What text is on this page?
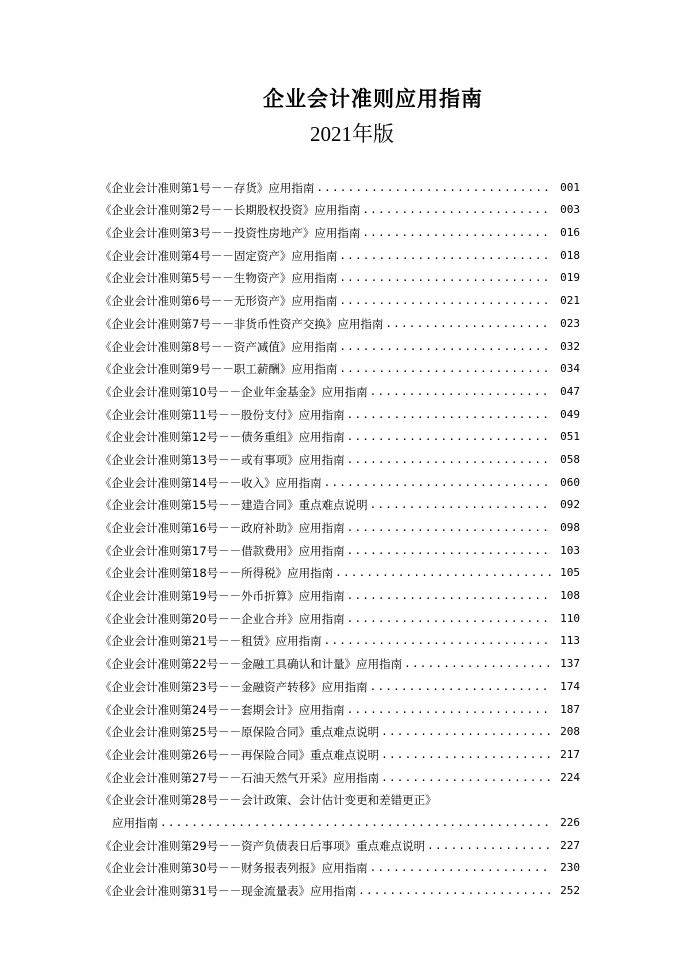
企业会计准则应用指南
2021年版
《企业会计准则第1号－－存货》应用指南 .....	001
《企业会计准则第2号－－长期股权投资》应用指南 .....	003
《企业会计准则第3号－－投资性房地产》应用指南 .....	016
《企业会计准则第4号－－固定资产》应用指南 .....	018
《企业会计准则第5号－－生物资产》应用指南 .....	019
《企业会计准则第6号－－无形资产》应用指南 .....	021
《企业会计准则第7号－－非货币性资产交换》应用指南 .....	023
《企业会计准则第8号－－资产减值》应用指南 .....	032
《企业会计准则第9号－－职工薪酬》应用指南 .....	034
《企业会计准则第10号－－企业年金基金》应用指南 .....	047
《企业会计准则第11号－－股份支付》应用指南 .....	049
《企业会计准则第12号－－债务重组》应用指南 .....	051
《企业会计准则第13号－－或有事项》应用指南 .....	058
《企业会计准则第14号－－收入》应用指南 .....	060
《企业会计准则第15号－－建造合同》重点难点说明 .....	092
《企业会计准则第16号－－政府补助》应用指南 .....	098
《企业会计准则第17号－－借款费用》应用指南 .....	103
《企业会计准则第18号－－所得税》应用指南 .....	105
《企业会计准则第19号－－外币折算》应用指南 .....	108
《企业会计准则第20号－－企业合并》应用指南 .....	110
《企业会计准则第21号－－租赁》应用指南 .....	113
《企业会计准则第22号－－金融工具确认和计量》应用指南 .....	137
《企业会计准则第23号－－金融资产转移》应用指南 .....	174
《企业会计准则第24号－－套期会计》应用指南 .....	187
《企业会计准则第25号－－原保险合同》重点难点说明 .....	208
《企业会计准则第26号－－再保险合同》重点难点说明 .....	217
《企业会计准则第27号－－石油天然气开采》应用指南 .....	224
《企业会计准则第28号－－会计政策、会计估计变更和差错更正》
应用指南 .....	226
《企业会计准则第29号－－资产负债表日后事项》重点难点说明 .....	227
《企业会计准则第30号－－财务报表列报》应用指南 .....	230
《企业会计准则第31号－－现金流量表》应用指南 .....	252
